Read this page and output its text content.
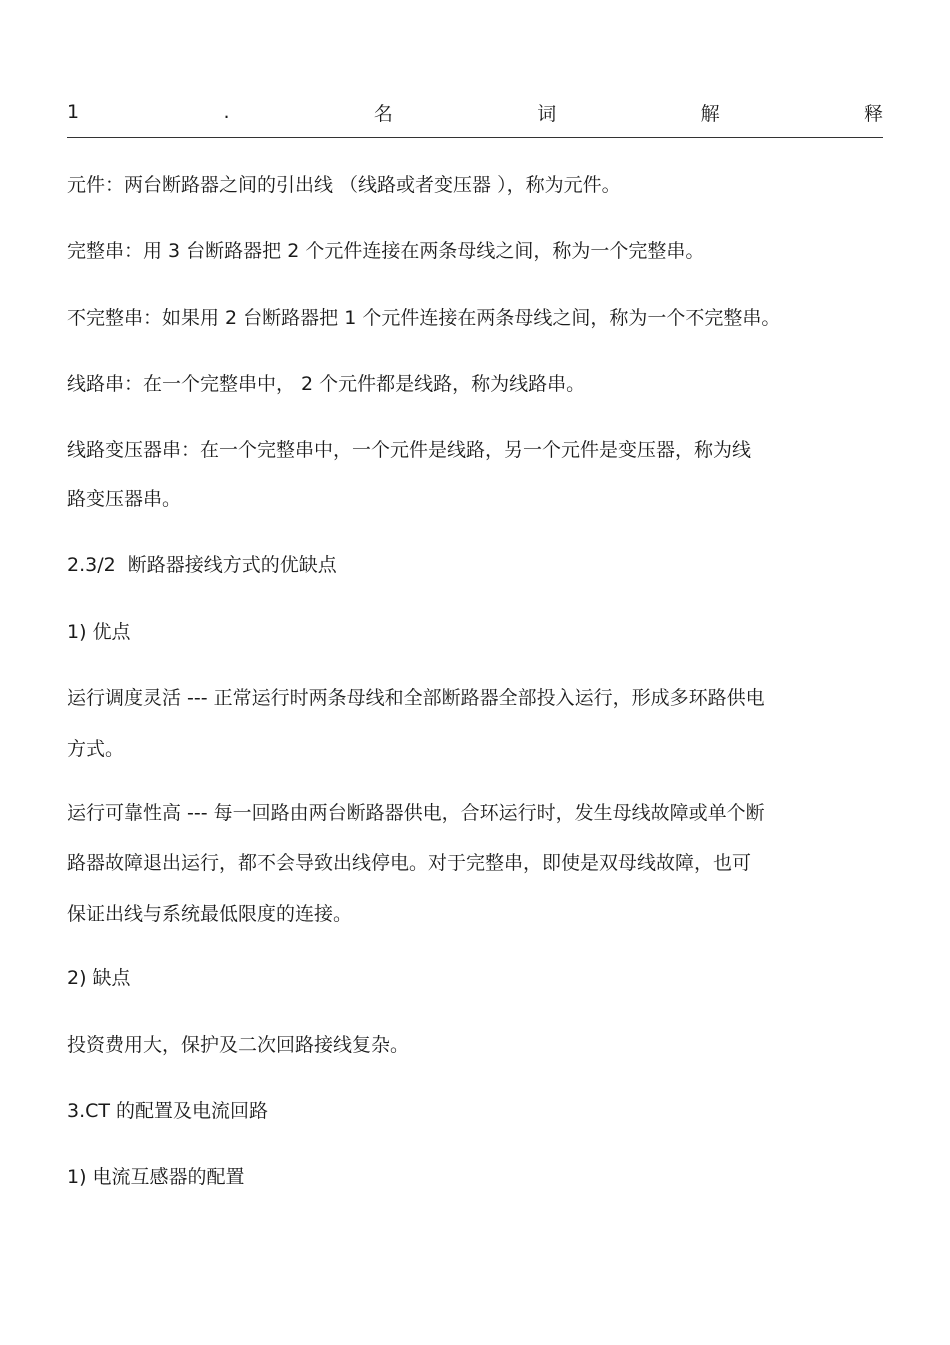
1	.	名	词	解	释
元件：两台断路器之间的引出线 （线路或者变压器 ），称为元件。
完整串：用 3 台断路器把 2 个元件连接在两条母线之间，称为一个完整串。
不完整串：如果用 2 台断路器把 1 个元件连接在两条母线之间，称为一个不完整串。
线路串：在一个完整串中， 2 个元件都是线路，称为线路串。
线路变压器串：在一个完整串中，一个元件是线路，另一个元件是变压器，称为线
路变压器串。
2.3/2  断路器接线方式的优缺点
1) 优点
运行调度灵活 --- 正常运行时两条母线和全部断路器全部投入运行，形成多环路供电
方式。
运行可靠性高 --- 每一回路由两台断路器供电，合环运行时，发生母线故障或单个断
路器故障退出运行，都不会导致出线停电。对于完整串，即使是双母线故障，也可
保证出线与系统最低限度的连接。
2) 缺点
投资费用大，保护及二次回路接线复杂。
3.CT 的配置及电流回路
1) 电流互感器的配置
